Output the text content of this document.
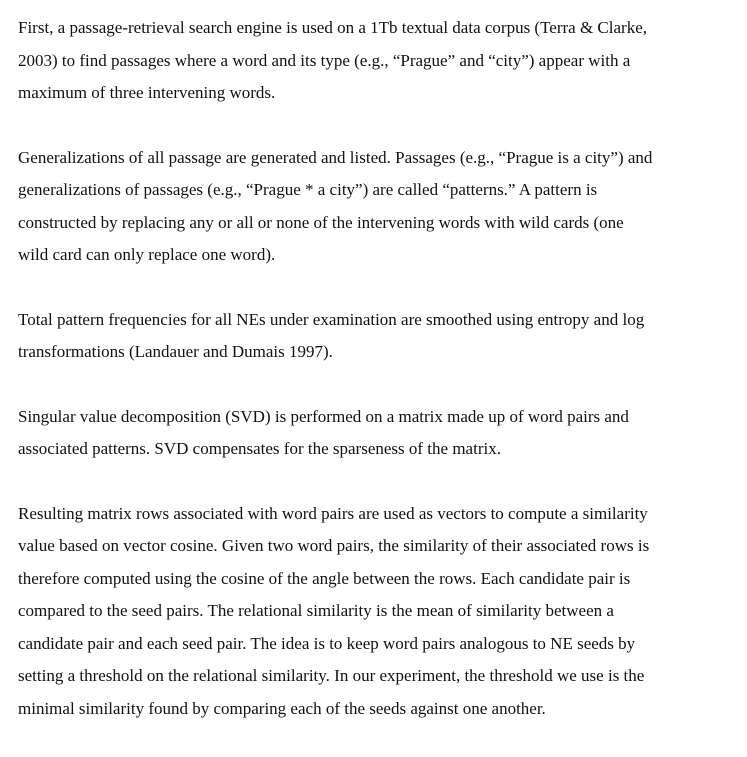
First, a passage-retrieval search engine is used on a 1Tb textual data corpus (Terra & Clarke,
2003) to find passages where a word and its type (e.g., “Prague” and “city”) appear with a
maximum of three intervening words.

Generalizations of all passage are generated and listed. Passages (e.g., “Prague is a city”) and
generalizations of passages (e.g., “Prague * a city”) are called “patterns.” A pattern is
constructed by replacing any or all or none of the intervening words with wild cards (one
wild card can only replace one word).

Total pattern frequencies for all NEs under examination are smoothed using entropy and log
transformations (Landauer and Dumais 1997).

Singular value decomposition (SVD) is performed on a matrix made up of word pairs and
associated patterns. SVD compensates for the sparseness of the matrix.

Resulting matrix rows associated with word pairs are used as vectors to compute a similarity
value based on vector cosine. Given two word pairs, the similarity of their associated rows is
therefore computed using the cosine of the angle between the rows. Each candidate pair is
compared to the seed pairs. The relational similarity is the mean of similarity between a
candidate pair and each seed pair. The idea is to keep word pairs analogous to NE seeds by
setting a threshold on the relational similarity. In our experiment, the threshold we use is the
minimal similarity found by comparing each of the seeds against one another.
